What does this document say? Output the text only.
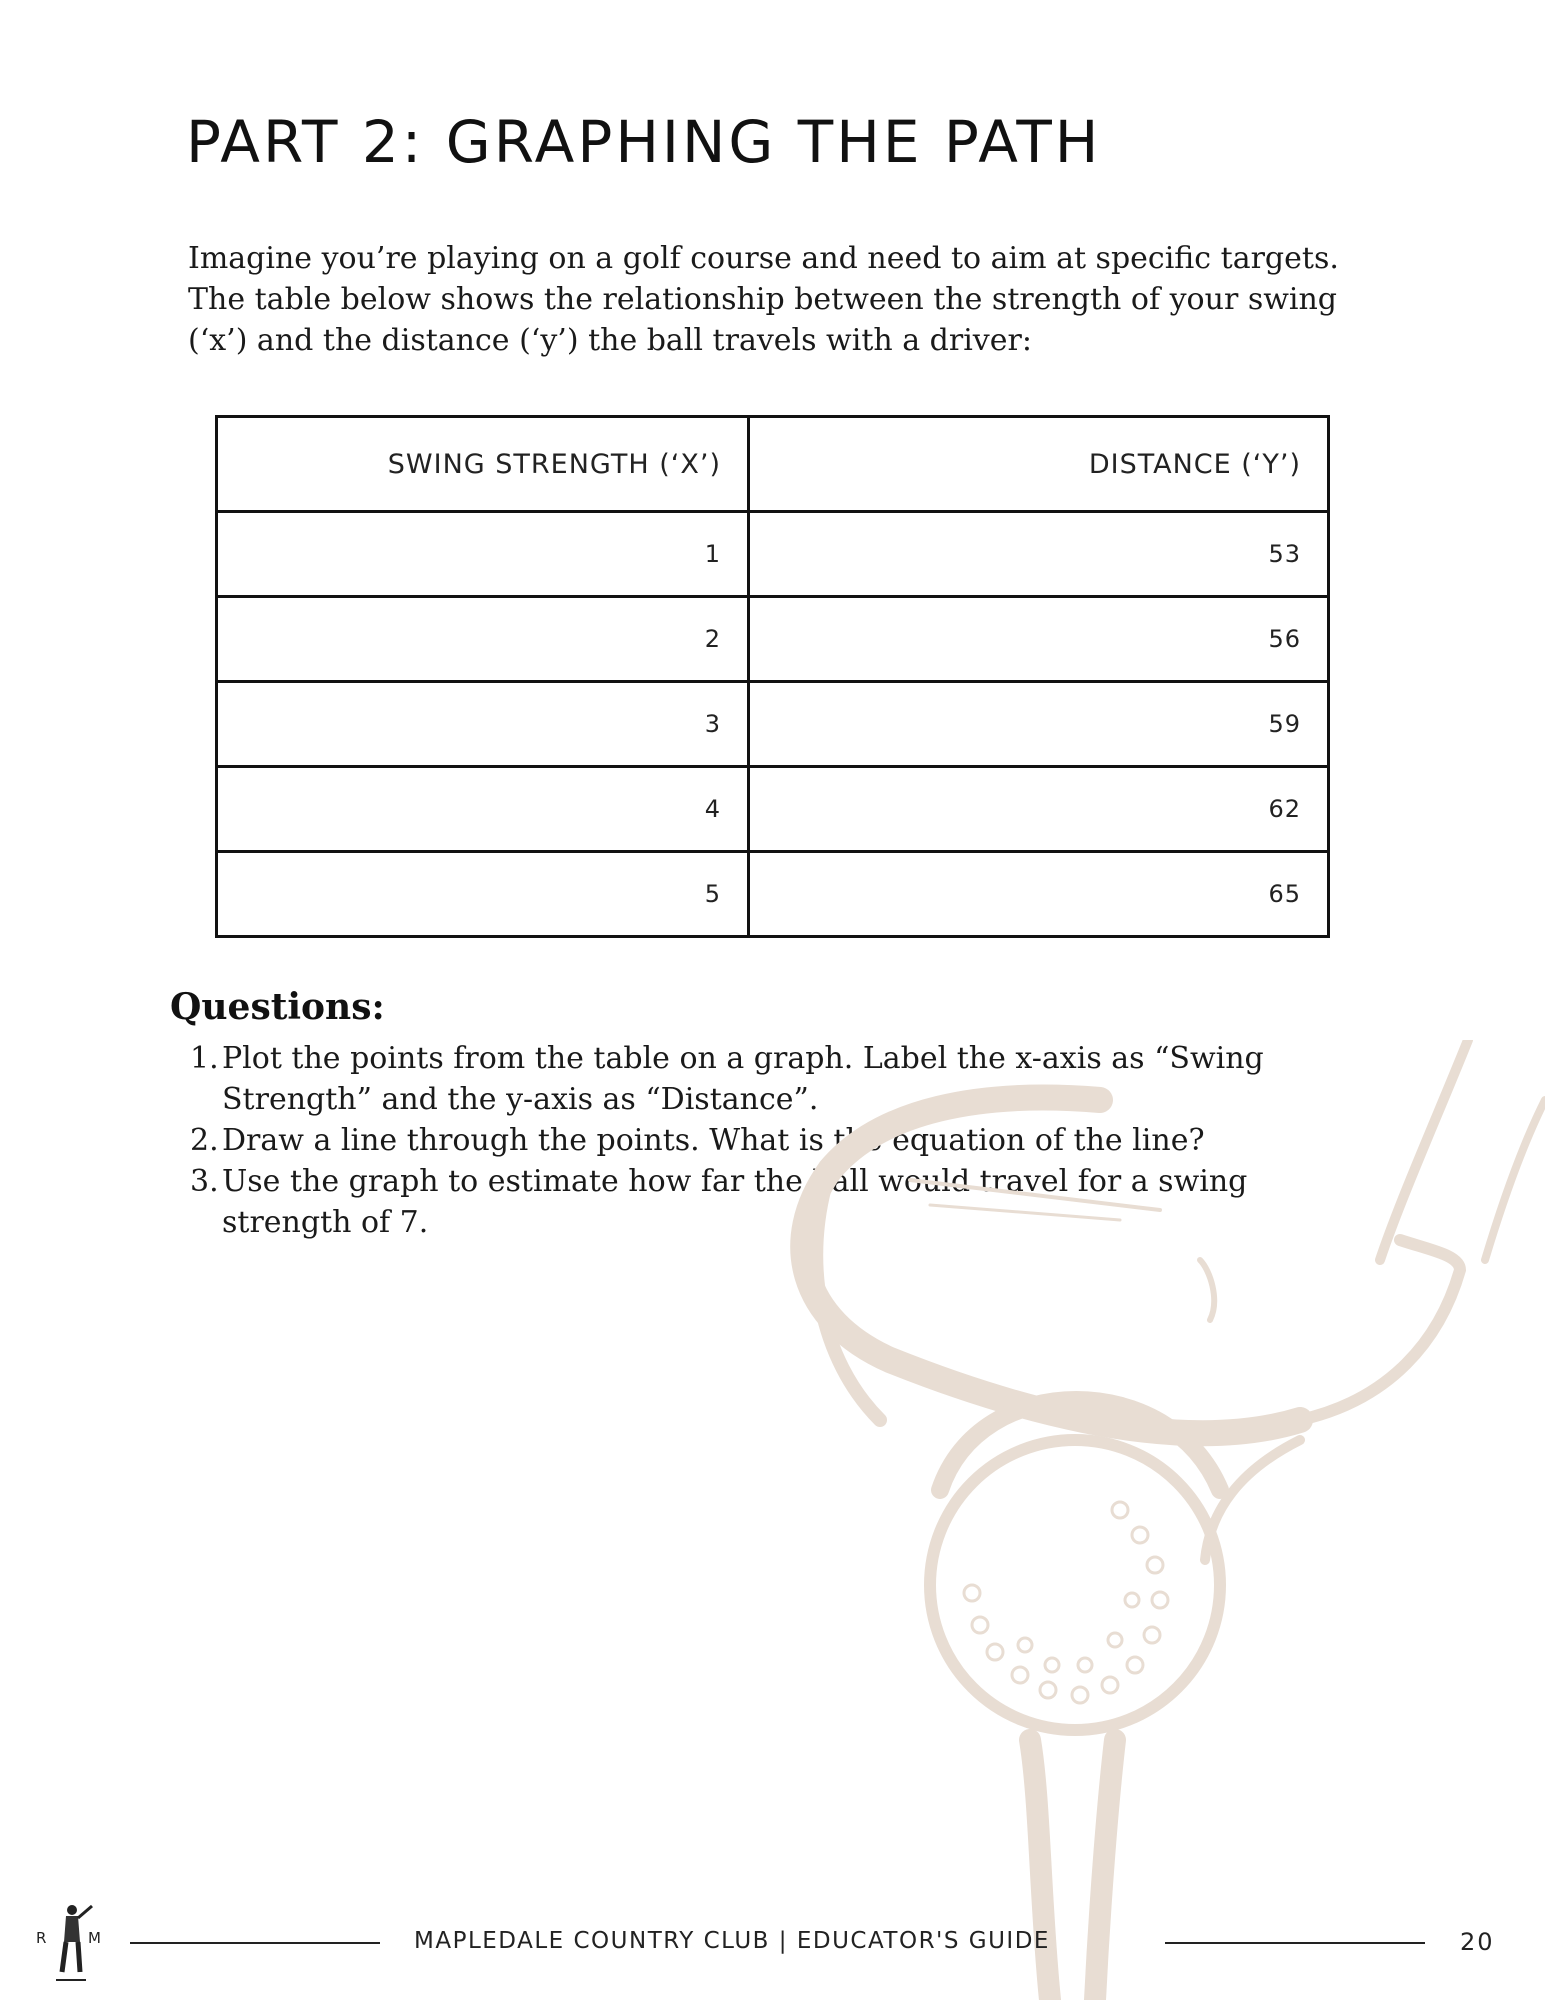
PART 2: GRAPHING THE PATH

Imagine you’re playing on a golf course and need to aim at specific targets. The table below shows the relationship between the strength of your swing (‘x’) and the distance (‘y’) the ball travels with a driver:

SWING STRENGTH (‘X’)	DISTANCE (‘Y’)
1	53
2	56
3	59
4	62
5	65
Questions:
1. Plot the points from the table on a graph. Label the x-axis as “Swing Strength” and the y-axis as “Distance”.
2. Draw a line through the points. What is the equation of the line?
3. Use the graph to estimate how far the ball would travel for a swing strength of 7.
R	M	MAPLEDALE COUNTRY CLUB | EDUCATOR'S GUIDE	20
